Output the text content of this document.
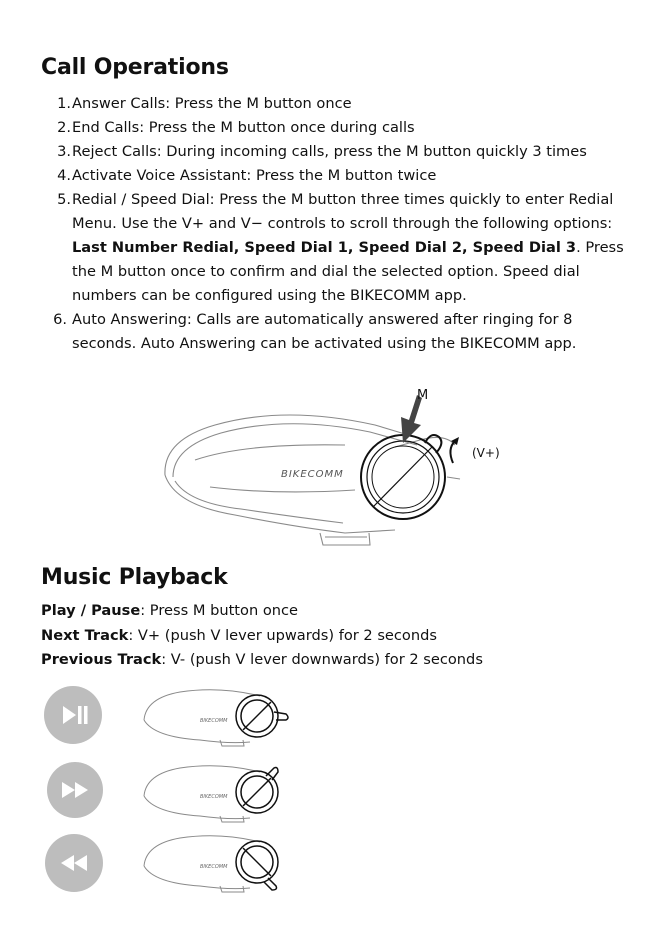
Call Operations
1. Answer Calls: Press the M button once
2. End Calls: Press the M button once during calls
3. Reject Calls: During incoming calls, press the M button quickly 3 times
4. Activate Voice Assistant: Press the M button twice
5. Redial / Speed Dial: Press the M button three times quickly to enter Redial Menu. Use the V+ and V− controls to scroll through the following options: Last Number Redial, Speed Dial 1, Speed Dial 2, Speed Dial 3. Press the M button once to confirm and dial the selected option. Speed dial numbers can be configured using the BIKECOMM app.
6. Auto Answering: Calls are automatically answered after ringing for 8 seconds. Auto Answering can be activated using the BIKECOMM app.
BIKECOMM
M
(V+)
Music Playback
Play / Pause: Press M button once
Next Track: V+ (push V lever upwards) for 2 seconds
Previous Track: V- (push V lever downwards) for 2 seconds
BIKECOMM
BIKECOMM
BIKECOMM
